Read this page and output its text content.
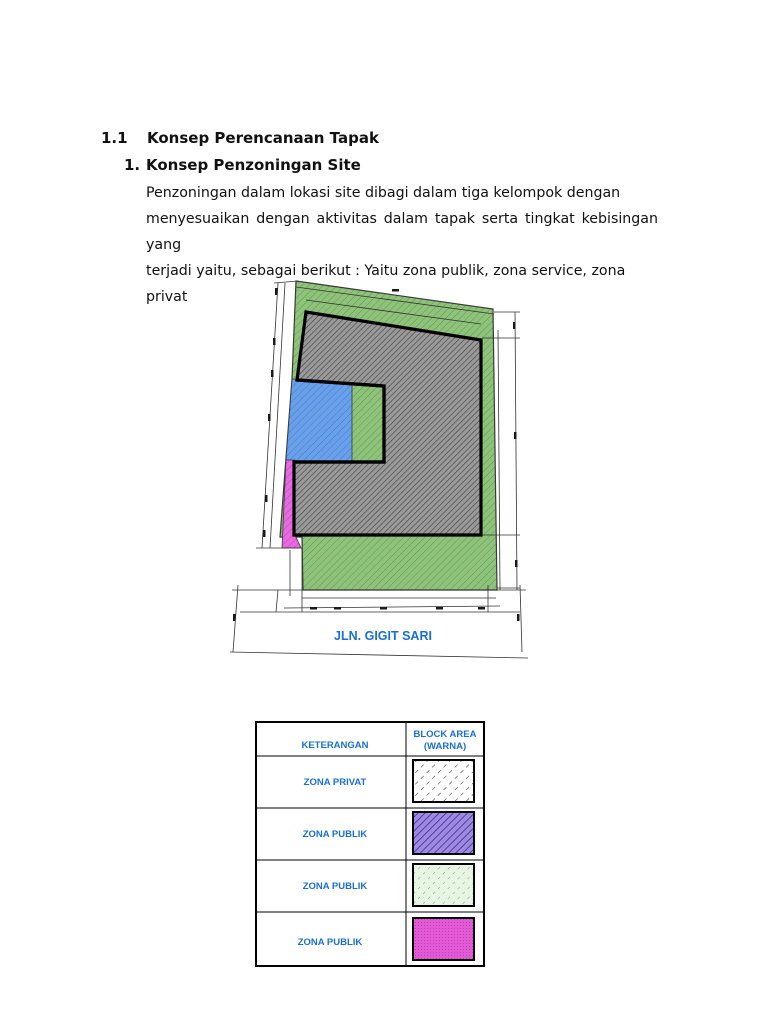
1.1 Konsep Perencanaan Tapak
1. Konsep Penzoningan Site
Penzoningan dalam lokasi site dibagi dalam tiga kelompok dengan
menyesuaikan dengan aktivitas dalam tapak serta tingkat kebisingan yang
terjadi yaitu, sebagai berikut : Yaitu zona publik, zona service, zona privat
JLN. GIGIT SARI
KETERANGAN
BLOCK AREA
(WARNA)
ZONA PRIVAT
ZONA PUBLIK
ZONA PUBLIK
ZONA PUBLIK
